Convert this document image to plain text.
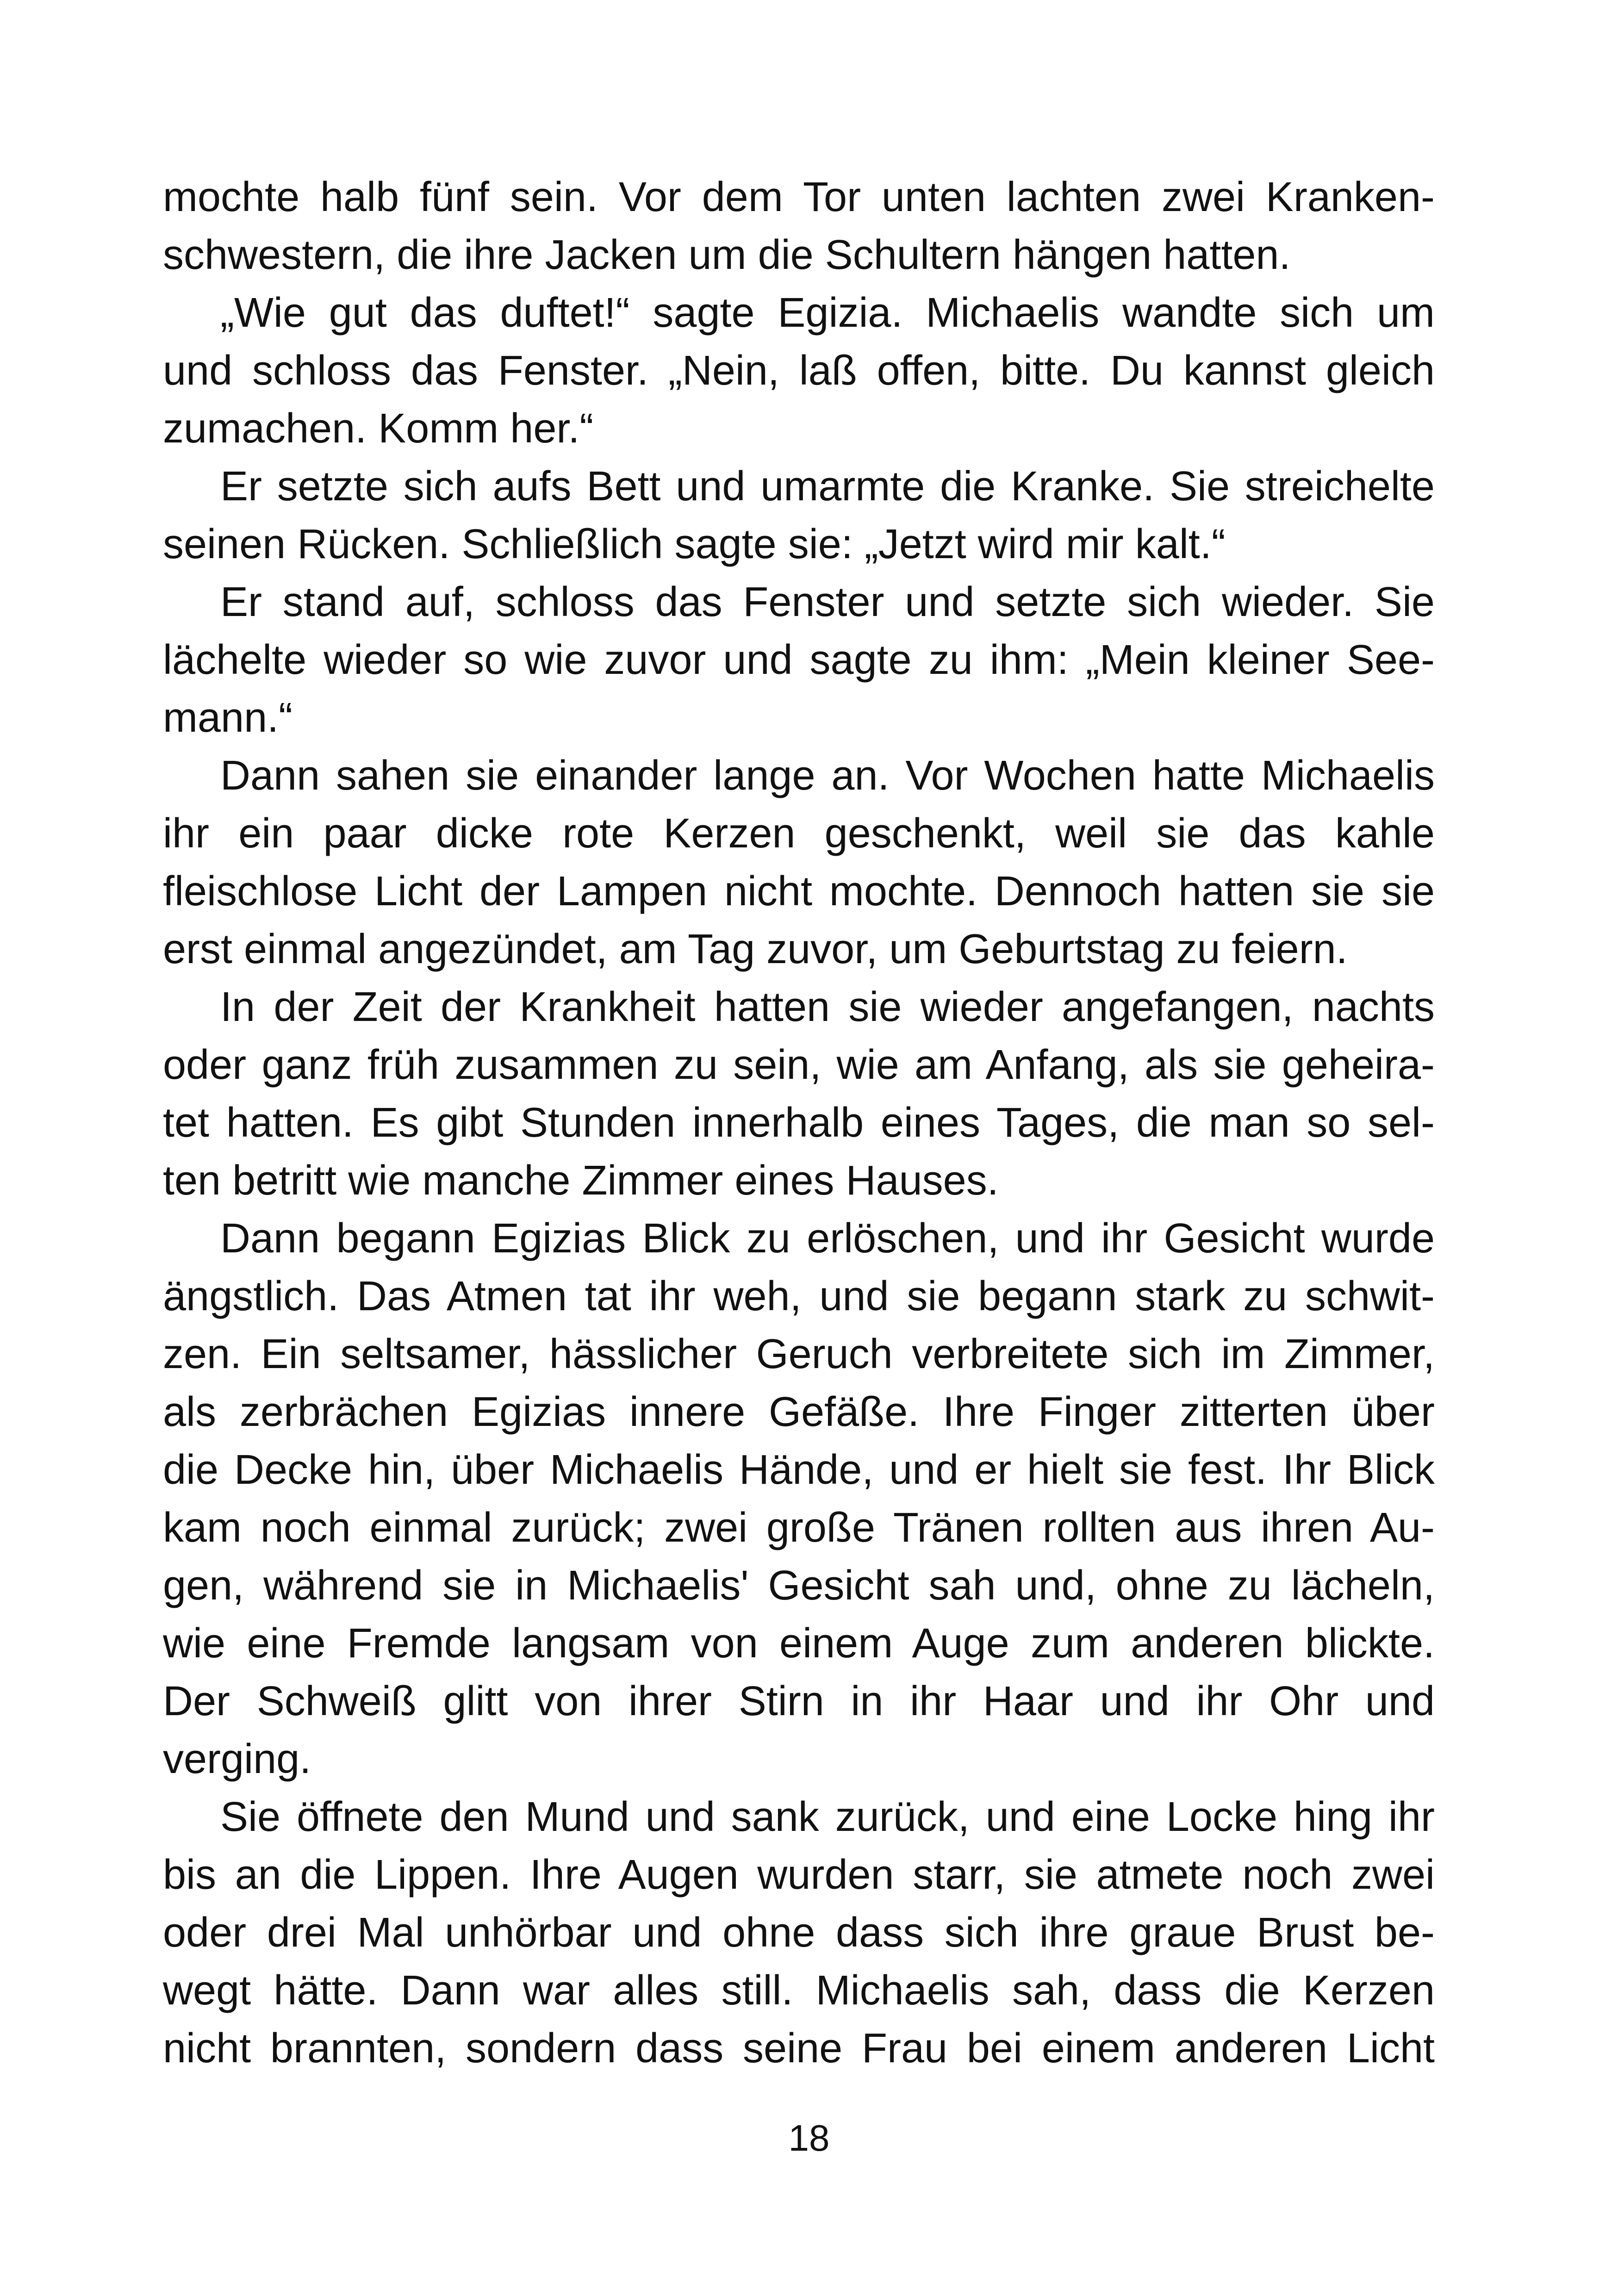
mochte halb fünf sein. Vor dem Tor unten lachten zwei Kranken-
schwestern, die ihre Jacken um die Schultern hängen hatten.
„Wie gut das duftet!“ sagte Egizia. Michaelis wandte sich um
und schloss das Fenster. „Nein, laß offen, bitte. Du kannst gleich
zumachen. Komm her.“
Er setzte sich aufs Bett und umarmte die Kranke. Sie streichelte
seinen Rücken. Schließlich sagte sie: „Jetzt wird mir kalt.“
Er stand auf, schloss das Fenster und setzte sich wieder. Sie
lächelte wieder so wie zuvor und sagte zu ihm: „Mein kleiner See-
mann.“
Dann sahen sie einander lange an. Vor Wochen hatte Michaelis
ihr ein paar dicke rote Kerzen geschenkt, weil sie das kahle
fleischlose Licht der Lampen nicht mochte. Dennoch hatten sie sie
erst einmal angezündet, am Tag zuvor, um Geburtstag zu feiern.
In der Zeit der Krankheit hatten sie wieder angefangen, nachts
oder ganz früh zusammen zu sein, wie am Anfang, als sie geheira-
tet hatten. Es gibt Stunden innerhalb eines Tages, die man so sel-
ten betritt wie manche Zimmer eines Hauses.
Dann begann Egizias Blick zu erlöschen, und ihr Gesicht wurde
ängstlich. Das Atmen tat ihr weh, und sie begann stark zu schwit-
zen. Ein seltsamer, hässlicher Geruch verbreitete sich im Zimmer,
als zerbrächen Egizias innere Gefäße. Ihre Finger zitterten über
die Decke hin, über Michaelis Hände, und er hielt sie fest. Ihr Blick
kam noch einmal zurück; zwei große Tränen rollten aus ihren Au-
gen, während sie in Michaelis' Gesicht sah und, ohne zu lächeln,
wie eine Fremde langsam von einem Auge zum anderen blickte.
Der Schweiß glitt von ihrer Stirn in ihr Haar und ihr Ohr und
verging.
Sie öffnete den Mund und sank zurück, und eine Locke hing ihr
bis an die Lippen. Ihre Augen wurden starr, sie atmete noch zwei
oder drei Mal unhörbar und ohne dass sich ihre graue Brust be-
wegt hätte. Dann war alles still. Michaelis sah, dass die Kerzen
nicht brannten, sondern dass seine Frau bei einem anderen Licht
18
